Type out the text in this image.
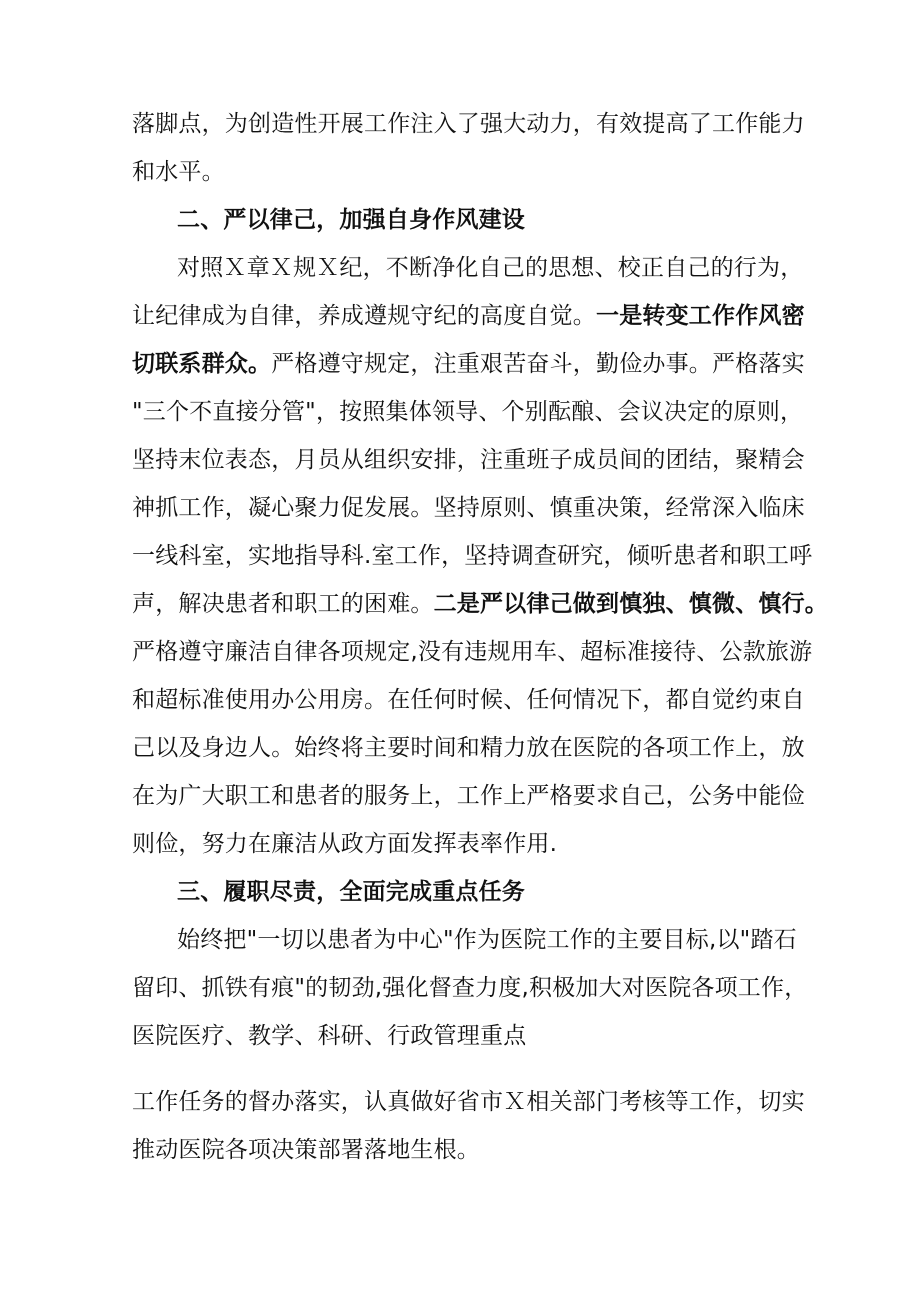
落脚点，为创造性开展工作注入了强大动力，有效提高了工作能力
和水平。
二、严以律己，加强自身作风建设
对照Ｘ章Ｘ规Ｘ纪，不断净化自己的思想、校正自己的行为，
让纪律成为自律，养成遵规守纪的高度自觉。一是转变工作作风密
切联系群众。严格遵守规定，注重艰苦奋斗，勤俭办事。严格落实
"三个不直接分管"，按照集体领导、个别酝酿、会议决定的原则，
坚持末位表态，月员从组织安排，注重班子成员间的团结，聚精会
神抓工作，凝心聚力促发展。坚持原则、慎重决策，经常深入临床
一线科室，实地指导科.室工作，坚持调查研究，倾听患者和职工呼
声，解决患者和职工的困难。二是严以律己做到慎独、慎微、慎行。
严格遵守廉洁自律各项规定,没有违规用车、超标准接待、公款旅游
和超标准使用办公用房。在任何时候、任何情况下，都自觉约束自
己以及身边人。始终将主要时间和精力放在医院的各项工作上，放
在为广大职工和患者的服务上，工作上严格要求自己，公务中能俭
则俭，努力在廉洁从政方面发挥表率作用.
三、履职尽责，全面完成重点任务
始终把"一切以患者为中心"作为医院工作的主要目标,以"踏石
留印、抓铁有痕"的韧劲,强化督查力度,积极加大对医院各项工作，
医院医疗、教学、科研、行政管理重点
工作任务的督办落实，认真做好省市Ｘ相关部门考核等工作，切实
推动医院各项决策部署落地生根。
